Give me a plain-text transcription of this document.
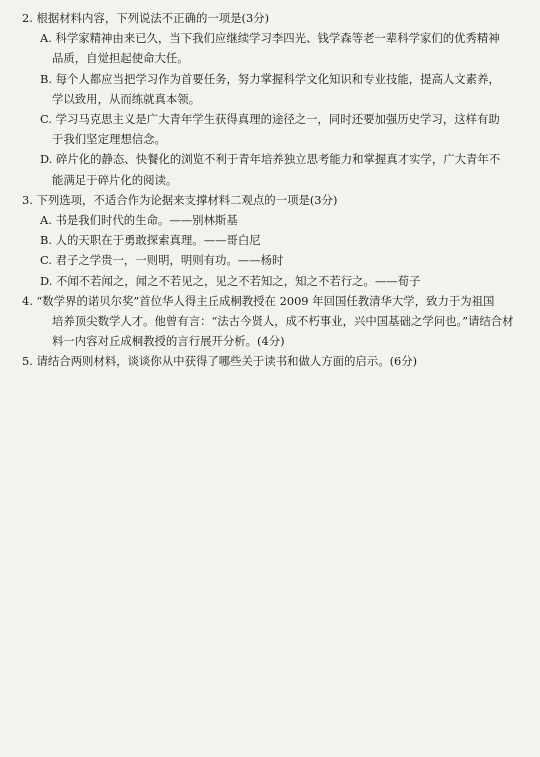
2. 根据材料内容，下列说法不正确的一项是(3分)
A. 科学家精神由来已久，当下我们应继续学习李四光、钱学森等老一辈科学家们的优秀精神
品质，自觉担起使命大任。
B. 每个人都应当把学习作为首要任务，努力掌握科学文化知识和专业技能，提高人文素养，
学以致用，从而练就真本领。
C. 学习马克思主义是广大青年学生获得真理的途径之一，同时还要加强历史学习，这样有助
于我们坚定理想信念。
D. 碎片化的静态、快餐化的浏览不利于青年培养独立思考能力和掌握真才实学，广大青年不
能满足于碎片化的阅读。
3. 下列选项，不适合作为论据来支撑材料二观点的一项是(3分)
A. 书是我们时代的生命。——别林斯基
B. 人的天职在于勇敢探索真理。——哥白尼
C. 君子之学贵一，一则明，明则有功。——杨时
D. 不闻不若闻之，闻之不若见之，见之不若知之，知之不若行之。——荀子
4. “数学界的诺贝尔奖”首位华人得主丘成桐教授在 2009 年回国任教清华大学，致力于为祖国
培养顶尖数学人才。他曾有言：“法古今贤人，成不朽事业，兴中国基础之学问也。”请结合材
料一内容对丘成桐教授的言行展开分析。(4分)
5. 请结合两则材料，谈谈你从中获得了哪些关于读书和做人方面的启示。(6分)
